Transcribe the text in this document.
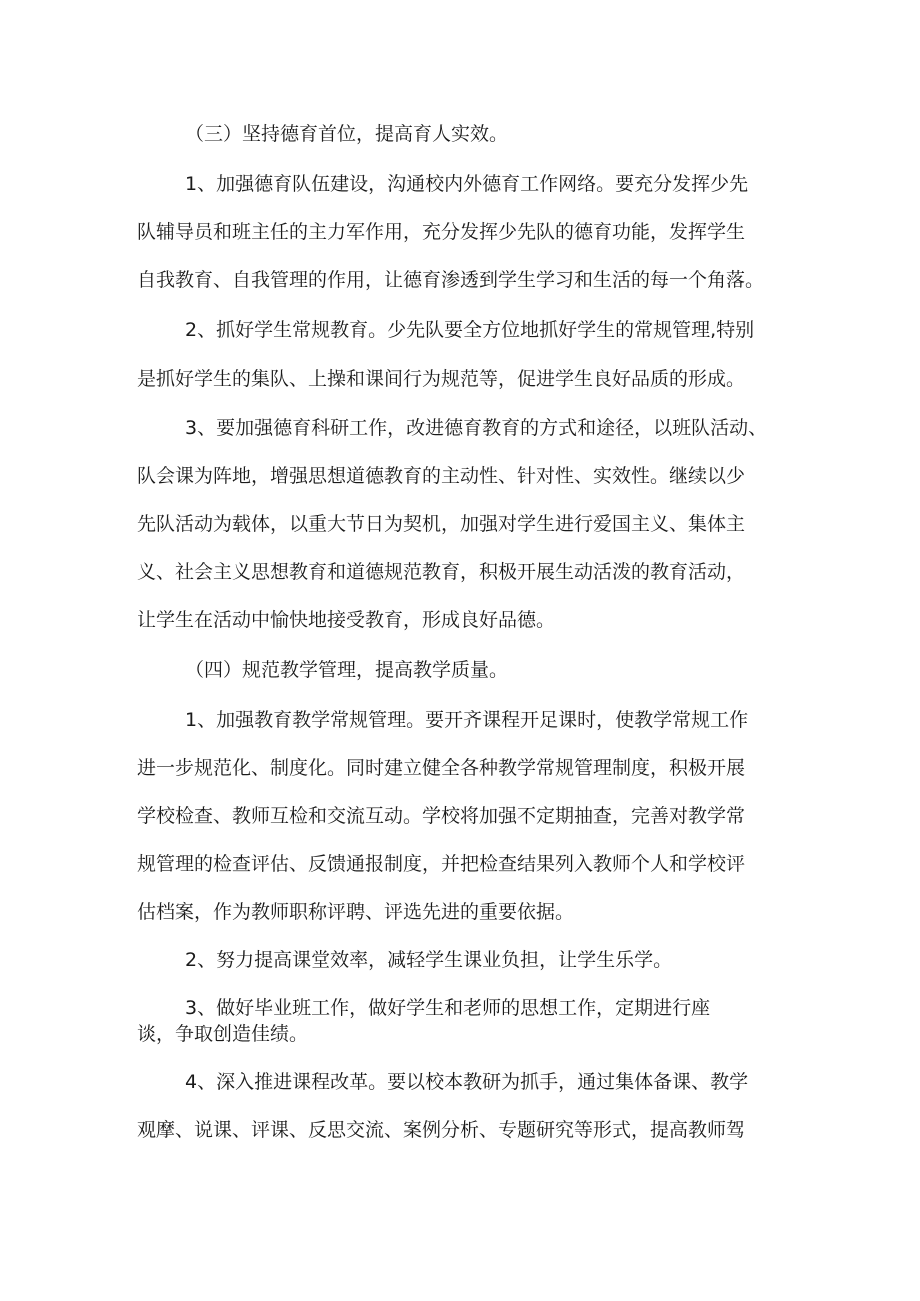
（三）坚持德育首位，提高育人实效。

1、加强德育队伍建设，沟通校内外德育工作网络。要充分发挥少先

队辅导员和班主任的主力军作用，充分发挥少先队的德育功能，发挥学生

自我教育、自我管理的作用，让德育渗透到学生学习和生活的每一个角落。

2、抓好学生常规教育。少先队要全方位地抓好学生的常规管理,特别

是抓好学生的集队、上操和课间行为规范等，促进学生良好品质的形成。

3、要加强德育科研工作，改进德育教育的方式和途径，以班队活动、

队会课为阵地，增强思想道德教育的主动性、针对性、实效性。继续以少

先队活动为载体，以重大节日为契机，加强对学生进行爱国主义、集体主

义、社会主义思想教育和道德规范教育，积极开展生动活泼的教育活动，

让学生在活动中愉快地接受教育，形成良好品德。

（四）规范教学管理，提高教学质量。

1、加强教育教学常规管理。要开齐课程开足课时，使教学常规工作

进一步规范化、制度化。同时建立健全各种教学常规管理制度，积极开展

学校检查、教师互检和交流互动。学校将加强不定期抽查，完善对教学常

规管理的检查评估、反馈通报制度，并把检查结果列入教师个人和学校评

估档案，作为教师职称评聘、评选先进的重要依据。

2、努力提高课堂效率，减轻学生课业负担，让学生乐学。

3、做好毕业班工作，做好学生和老师的思想工作，定期进行座

谈，争取创造佳绩。

4、深入推进课程改革。要以校本教研为抓手，通过集体备课、教学

观摩、说课、评课、反思交流、案例分析、专题研究等形式，提高教师驾
